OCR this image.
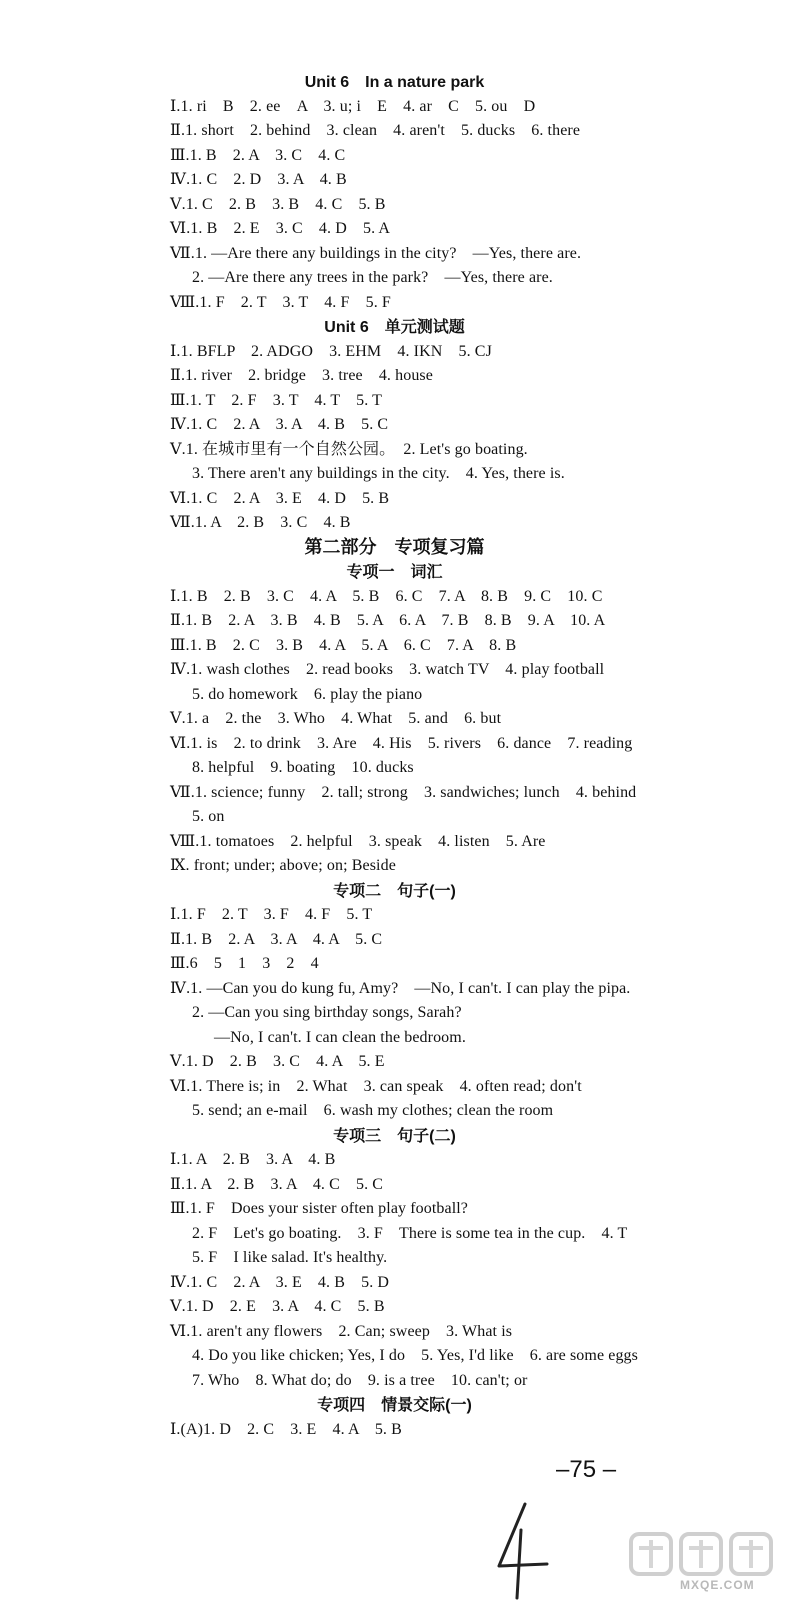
Unit 6　In a nature park
Ⅰ.1. ri　B　2. ee　A　3. u; i　E　4. ar　C　5. ou　D
Ⅱ.1. short　2. behind　3. clean　4. aren't　5. ducks　6. there
Ⅲ.1. B　2. A　3. C　4. C
Ⅳ.1. C　2. D　3. A　4. B
Ⅴ.1. C　2. B　3. B　4. C　5. B
Ⅵ.1. B　2. E　3. C　4. D　5. A
Ⅶ.1. —Are there any buildings in the city?　—Yes, there are.
2. —Are there any trees in the park?　—Yes, there are.
Ⅷ.1. F　2. T　3. T　4. F　5. F
Unit 6　单元测试题
Ⅰ.1. BFLP　2. ADGO　3. EHM　4. IKN　5. CJ
Ⅱ.1. river　2. bridge　3. tree　4. house
Ⅲ.1. T　2. F　3. T　4. T　5. T
Ⅳ.1. C　2. A　3. A　4. B　5. C
Ⅴ.1. 在城市里有一个自然公园。　2. Let's go boating.
3. There aren't any buildings in the city.　4. Yes, there is.
Ⅵ.1. C　2. A　3. E　4. D　5. B
Ⅶ.1. A　2. B　3. C　4. B
第二部分　专项复习篇
专项一　词汇
Ⅰ.1. B　2. B　3. C　4. A　5. B　6. C　7. A　8. B　9. C　10. C
Ⅱ.1. B　2. A　3. B　4. B　5. A　6. A　7. B　8. B　9. A　10. A
Ⅲ.1. B　2. C　3. B　4. A　5. A　6. C　7. A　8. B
Ⅳ.1. wash clothes　2. read books　3. watch TV　4. play football
5. do homework　6. play the piano
Ⅴ.1. a　2. the　3. Who　4. What　5. and　6. but
Ⅵ.1. is　2. to drink　3. Are　4. His　5. rivers　6. dance　7. reading
8. helpful　9. boating　10. ducks
Ⅶ.1. science; funny　2. tall; strong　3. sandwiches; lunch　4. behind
5. on
Ⅷ.1. tomatoes　2. helpful　3. speak　4. listen　5. Are
Ⅸ. front; under; above; on; Beside
专项二　句子(一)
Ⅰ.1. F　2. T　3. F　4. F　5. T
Ⅱ.1. B　2. A　3. A　4. A　5. C
Ⅲ.6　5　1　3　2　4
Ⅳ.1. —Can you do kung fu, Amy?　—No, I can't. I can play the pipa.
2. —Can you sing birthday songs, Sarah?
—No, I can't. I can clean the bedroom.
Ⅴ.1. D　2. B　3. C　4. A　5. E
Ⅵ.1. There is; in　2. What　3. can speak　4. often read; don't
5. send; an e-mail　6. wash my clothes; clean the room
专项三　句子(二)
Ⅰ.1. A　2. B　3. A　4. B
Ⅱ.1. A　2. B　3. A　4. C　5. C
Ⅲ.1. F　Does your sister often play football?
2. F　Let's go boating.　3. F　There is some tea in the cup.　4. T
5. F　I like salad. It's healthy.
Ⅳ.1. C　2. A　3. E　4. B　5. D
Ⅴ.1. D　2. E　3. A　4. C　5. B
Ⅵ.1. aren't any flowers　2. Can; sweep　3. What is
4. Do you like chicken; Yes, I do　5. Yes, I'd like　6. are some eggs
7. Who　8. What do; do　9. is a tree　10. can't; or
专项四　情景交际(一)
Ⅰ.(A)1. D　2. C　3. E　4. A　5. B
–75 –
MXQE.COM
